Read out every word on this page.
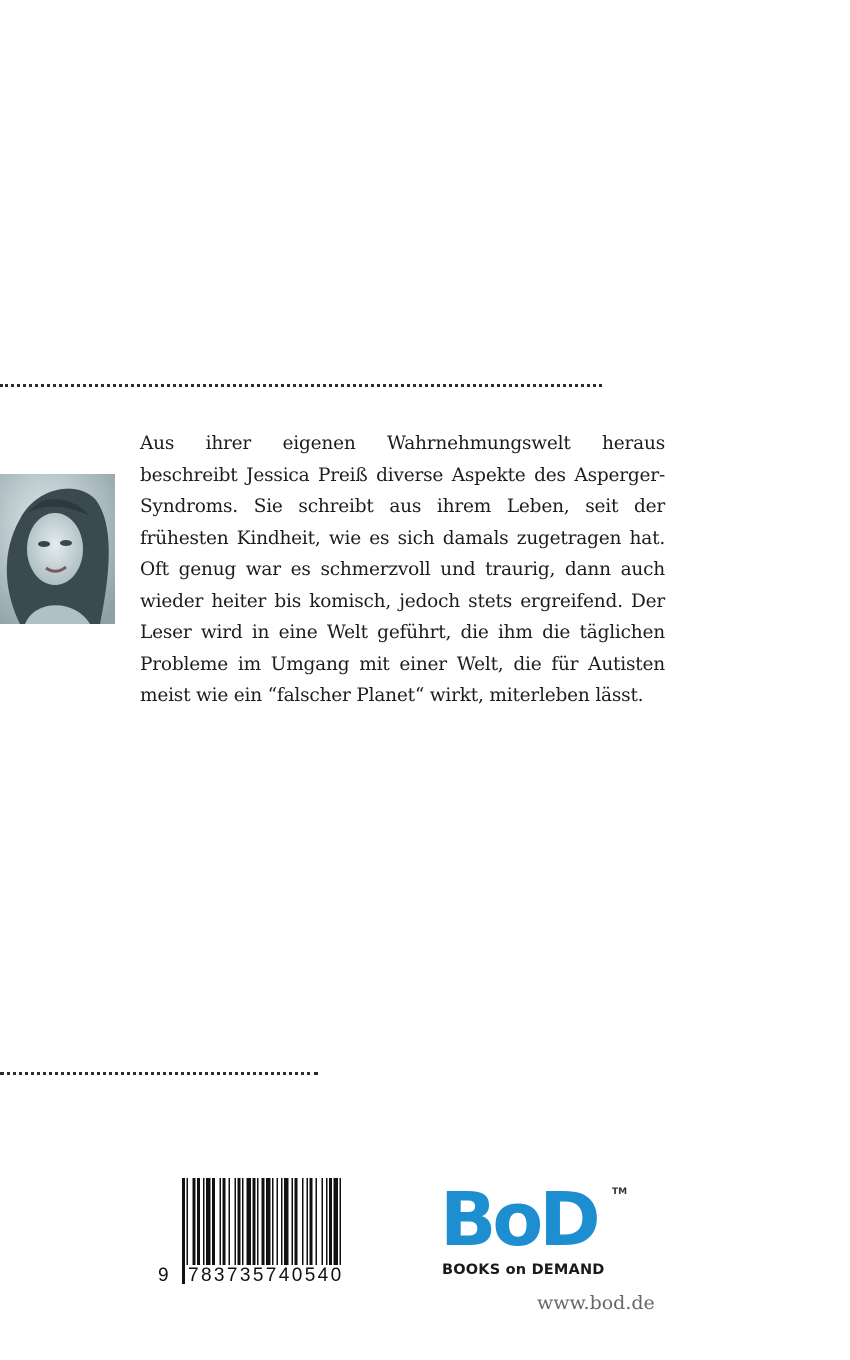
Aus ihrer eigenen Wahrnehmungswelt heraus beschreibt Jessica Preiß diverse Aspekte des Asperger-Syndroms. Sie schreibt aus ihrem Leben, seit der frühesten Kindheit, wie es sich damals zugetragen hat. Oft genug war es schmerzvoll und traurig, dann auch wieder heiter bis komisch, jedoch stets ergreifend. Der Leser wird in eine Welt geführt, die ihm die täglichen Probleme im Umgang mit einer Welt, die für Autisten meist wie ein “falscher Planet“ wirkt, miterleben lässt.

9 783735740540
BoD TM
BOOKS on DEMAND
www.bod.de
